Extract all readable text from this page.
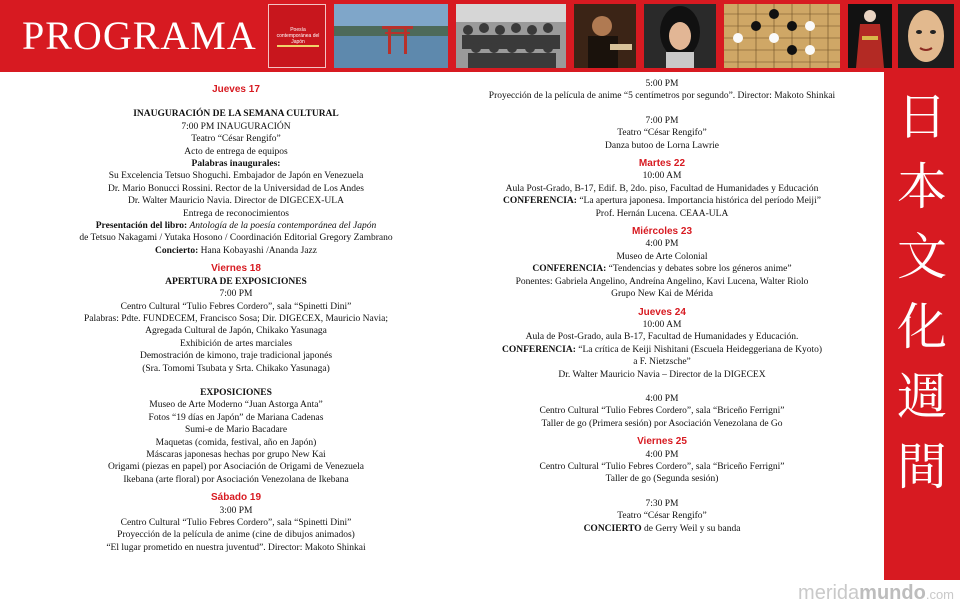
PROGRAMA	Poesía contemporánea del Japón
日
本
文
化
週
間
Jueves 17
INAUGURACIÓN DE LA SEMANA CULTURAL
7:00 PM INAUGURACIÓN
Teatro “César Rengifo”
Acto de entrega de equipos
Palabras inaugurales:
Su Excelencia Tetsuo Shoguchi. Embajador de Japón en Venezuela
Dr. Mario Bonucci Rossini. Rector de la Universidad de Los Andes
Dr. Walter Mauricio Navia. Director de DIGECEX-ULA
Entrega de reconocimientos
Presentación del libro: Antología de la poesía contemporánea del Japón
de Tetsuo Nakagami / Yutaka Hosono / Coordinación Editorial Gregory Zambrano
Concierto: Hana Kobayashi /Ananda Jazz
Viernes 18
APERTURA DE EXPOSICIONES
7:00 PM
Centro Cultural “Tulio Febres Cordero”, sala “Spinetti Dini”
Palabras: Pdte. FUNDECEM, Francisco Sosa; Dir. DIGECEX, Mauricio Navia;
Agregada Cultural de Japón, Chikako Yasunaga
Exhibición de artes marciales
Demostración de kimono, traje tradicional japonés
(Sra. Tomomi Tsubata y Srta. Chikako Yasunaga)
EXPOSICIONES
Museo de Arte Moderno “Juan Astorga Anta”
Fotos “19 días en Japón” de Mariana Cadenas
Sumi-e de Mario Bacadare
Maquetas (comida, festival, año en Japón)
Máscaras japonesas hechas por grupo New Kai
Origami (piezas en papel) por Asociación de Origami de Venezuela
Ikebana (arte floral) por Asociación Venezolana de Ikebana
Sábado 19
3:00 PM
Centro Cultural “Tulio Febres Cordero”, sala “Spinetti Dini”
Proyección de la película de anime (cine de dibujos animados)
“El lugar prometido en nuestra juventud”. Director: Makoto Shinkai
5:00 PM
Proyección de la película de anime “5 centímetros por segundo”. Director: Makoto Shinkai
7:00 PM
Teatro “César Rengifo”
Danza butoo de Lorna Lawrie
Martes 22
10:00 AM
Aula Post-Grado, B-17, Edif. B, 2do. piso, Facultad de Humanidades y Educación
CONFERENCIA: “La apertura japonesa. Importancia histórica del período Meiji”
Prof. Hernán Lucena. CEAA-ULA
Miércoles 23
4:00 PM
Museo de Arte Colonial
CONFERENCIA: “Tendencias y debates sobre los géneros anime”
Ponentes: Gabriela Angelino, Andreína Angelino, Kavi Lucena, Walter Riolo
Grupo New Kai de Mérida
Jueves 24
10:00 AM
Aula de Post-Grado, aula B-17, Facultad de Humanidades y Educación.
CONFERENCIA: “La crítica de Keiji Nishitani (Escuela Heideggeriana de Kyoto)
a F. Nietzsche”
Dr. Walter Mauricio Navia – Director de la DIGECEX
4:00 PM
Centro Cultural “Tulio Febres Cordero”, sala “Briceño Ferrigni”
Taller de go (Primera sesión) por Asociación Venezolana de Go
Viernes 25
4:00 PM
Centro Cultural “Tulio Febres Cordero”, sala “Briceño Ferrigni”
Taller de go (Segunda sesión)
7:30 PM
Teatro “César Rengifo”
CONCIERTO de Gerry Weil y su banda
meridamundo.com
